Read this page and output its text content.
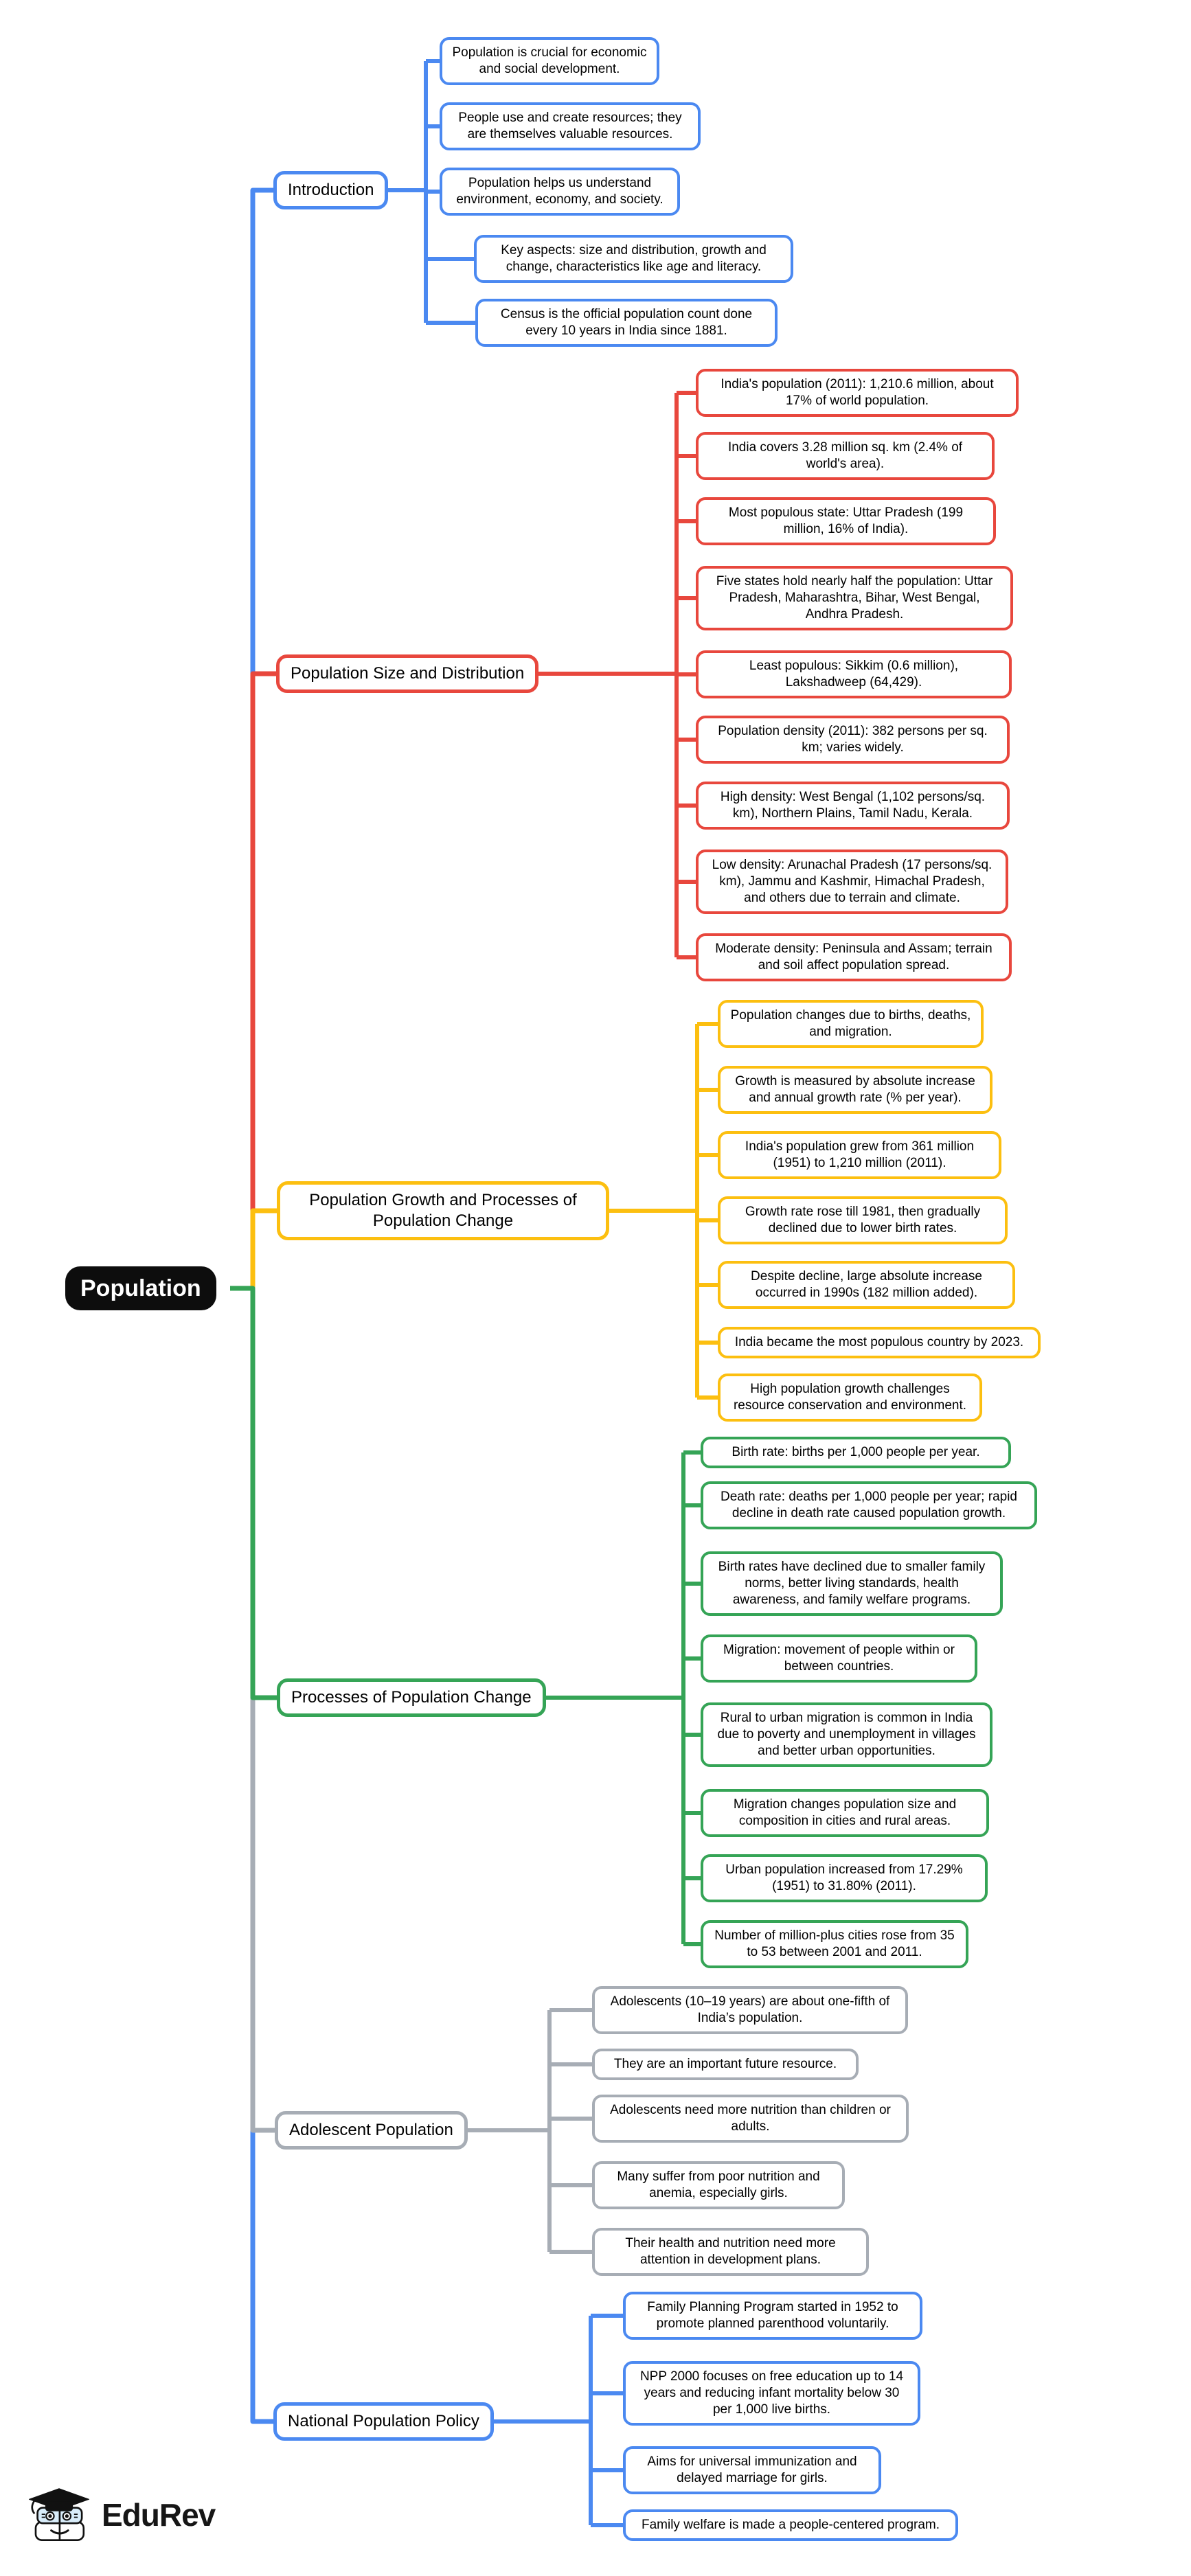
Population
Introduction
Population Size and Distribution
Population Growth and Processes of Population Change
Processes of Population Change
Adolescent Population
National Population Policy
Population is crucial for economic and social development.
People use and create resources; they are themselves valuable resources.
Population helps us understand environment, economy, and society.
Key aspects: size and distribution, growth and change, characteristics like age and literacy.
Census is the official population count done every 10 years in India since 1881.
India's population (2011): 1,210.6 million, about 17% of world population.
India covers 3.28 million sq. km (2.4% of world's area).
Most populous state: Uttar Pradesh (199 million, 16% of India).
Five states hold nearly half the population: Uttar Pradesh, Maharashtra, Bihar, West Bengal, Andhra Pradesh.
Least populous: Sikkim (0.6 million), Lakshadweep (64,429).
Population density (2011): 382 persons per sq. km; varies widely.
High density: West Bengal (1,102 persons/sq. km), Northern Plains, Tamil Nadu, Kerala.
Low density: Arunachal Pradesh (17 persons/sq. km), Jammu and Kashmir, Himachal Pradesh, and others due to terrain and climate.
Moderate density: Peninsula and Assam; terrain and soil affect population spread.
Population changes due to births, deaths, and migration.
Growth is measured by absolute increase and annual growth rate (% per year).
India's population grew from 361 million (1951) to 1,210 million (2011).
Growth rate rose till 1981, then gradually declined due to lower birth rates.
Despite decline, large absolute increase occurred in 1990s (182 million added).
India became the most populous country by 2023.
High population growth challenges resource conservation and environment.
Birth rate: births per 1,000 people per year.
Death rate: deaths per 1,000 people per year; rapid decline in death rate caused population growth.
Birth rates have declined due to smaller family norms, better living standards, health awareness, and family welfare programs.
Migration: movement of people within or between countries.
Rural to urban migration is common in India due to poverty and unemployment in villages and better urban opportunities.
Migration changes population size and composition in cities and rural areas.
Urban population increased from 17.29% (1951) to 31.80% (2011).
Number of million-plus cities rose from 35 to 53 between 2001 and 2011.
Adolescents (10–19 years) are about one-fifth of India’s population.
They are an important future resource.
Adolescents need more nutrition than children or adults.
Many suffer from poor nutrition and anemia, especially girls.
Their health and nutrition need more attention in development plans.
Family Planning Program started in 1952 to promote planned parenthood voluntarily.
NPP 2000 focuses on free education up to 14 years and reducing infant mortality below 30 per 1,000 live births.
Aims for universal immunization and delayed marriage for girls.
Family welfare is made a people-centered program.
EduRev
